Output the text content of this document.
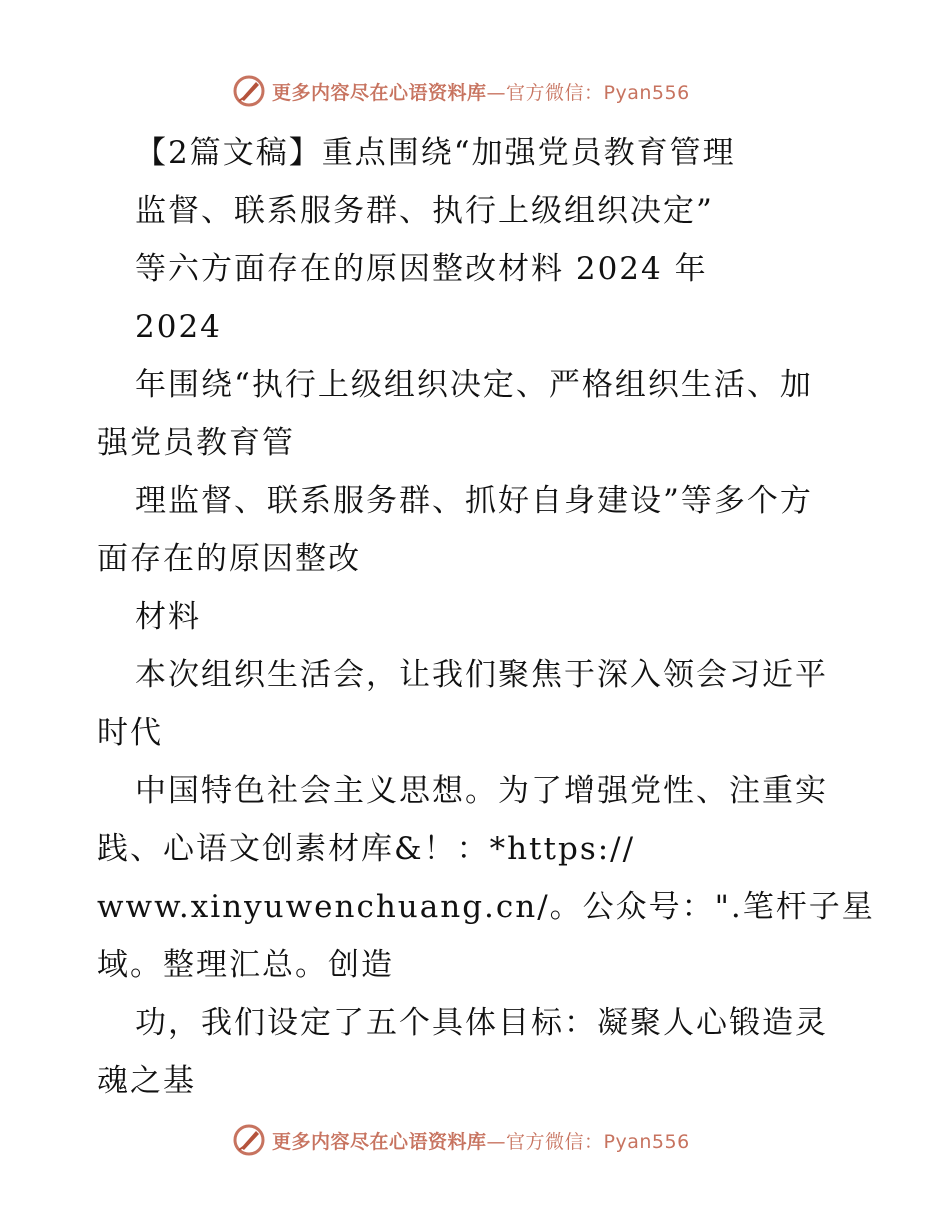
更多内容尽在心语资料库—官方微信：Pyan556
【2篇文稿】重点围绕“加强党员教育管理
监督、联系服务群、执行上级组织决定”
等六方面存在的原因整改材料 2024 年
2024
年围绕“执行上级组织决定、严格组织生活、加
强党员教育管
理监督、联系服务群、抓好自身建设”等多个方
面存在的原因整改
材料
本次组织生活会，让我们聚焦于深入领会习近平
时代
中国特色社会主义思想。为了增强党性、注重实
践、心语文创素材库&！：*https://
www.xinyuwenchuang.cn/。公众号：".笔杆子星
域。整理汇总。创造
功，我们设定了五个具体目标：凝聚人心锻造灵
魂之基
更多内容尽在心语资料库—官方微信：Pyan556
